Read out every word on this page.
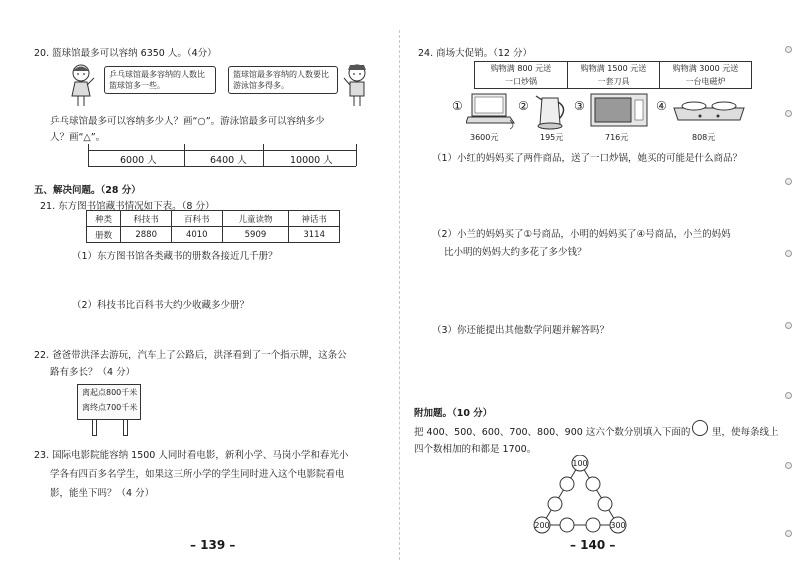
20. 篮球馆最多可以容纳 6350 人。（4分）
乒乓球馆最多容纳的人数比篮球馆多一些。
篮球馆最多容纳的人数要比游泳馆多得多。
乒乓球馆最多可以容纳多少人？画“○”。游泳馆最多可以容纳多少
人？画“△”。
6000 人	6400 人	10000 人
五、解决问题。（28 分）
21. 东方图书馆藏书情况如下表。（8 分）
种类	科技书	百科书	儿童读物	神话书
册数	2880	4010	5909	3114
（1）东方图书馆各类藏书的册数各接近几千册？
（2）科技书比百科书大约少收藏多少册？
22. 爸爸带洪泽去游玩，汽车上了公路后，洪泽看到了一个指示牌，这条公
路有多长？（4 分）
离起点800千米
离终点700千米
23. 国际电影院能容纳 1500 人同时看电影，新利小学、马岗小学和春光小
学各有四百多名学生，如果这三所小学的学生同时进入这个电影院看电
影，能坐下吗？（4 分）
– 139 –
24. 商场大促销。（12 分）
购物满 800 元送
一口炒锅
购物满 1500 元送
一套刀具
购物满 3000 元送
一台电磁炉
①
3600元
②
195元
③
716元
④
808元
（1）小红的妈妈买了两件商品，送了一口炒锅，她买的可能是什么商品？
（2）小兰的妈妈买了①号商品，小明的妈妈买了④号商品，小兰的妈妈
比小明的妈妈大约多花了多少钱？
（3）你还能提出其他数学问题并解答吗？
附加题。（10 分）
把 400、500、600、700、800、900 这六个数分别填入下面的 里，使每条线上
四个数相加的和都是 1700。
100
200	300
– 140 –
